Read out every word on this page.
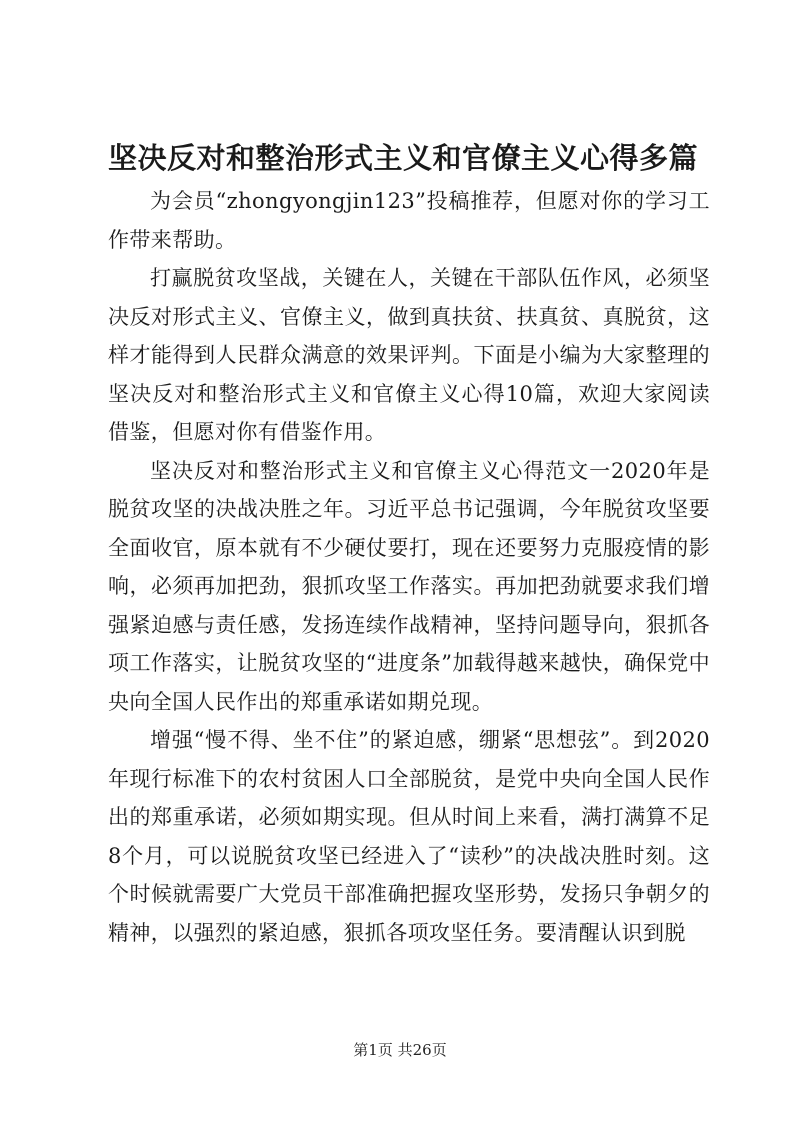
坚决反对和整治形式主义和官僚主义心得多篇

为会员“zhongyongjin123”投稿推荐，但愿对你的学习工作带来帮助。

打赢脱贫攻坚战，关键在人，关键在干部队伍作风，必须坚决反对形式主义、官僚主义，做到真扶贫、扶真贫、真脱贫，这样才能得到人民群众满意的效果评判。下面是小编为大家整理的坚决反对和整治形式主义和官僚主义心得10篇，欢迎大家阅读借鉴，但愿对你有借鉴作用。

坚决反对和整治形式主义和官僚主义心得范文一2020年是脱贫攻坚的决战决胜之年。习近平总书记强调，今年脱贫攻坚要全面收官，原本就有不少硬仗要打，现在还要努力克服疫情的影响，必须再加把劲，狠抓攻坚工作落实。再加把劲就要求我们增强紧迫感与责任感，发扬连续作战精神，坚持问题导向，狠抓各项工作落实，让脱贫攻坚的“进度条”加载得越来越快，确保党中央向全国人民作出的郑重承诺如期兑现。

增强“慢不得、坐不住”的紧迫感，绷紧“思想弦”。到2020年现行标准下的农村贫困人口全部脱贫，是党中央向全国人民作出的郑重承诺，必须如期实现。但从时间上来看，满打满算不足8个月，可以说脱贫攻坚已经进入了“读秒”的决战决胜时刻。这个时候就需要广大党员干部准确把握攻坚形势，发扬只争朝夕的精神，以强烈的紧迫感，狠抓各项攻坚任务。要清醒认识到脱

第1页 共26页
